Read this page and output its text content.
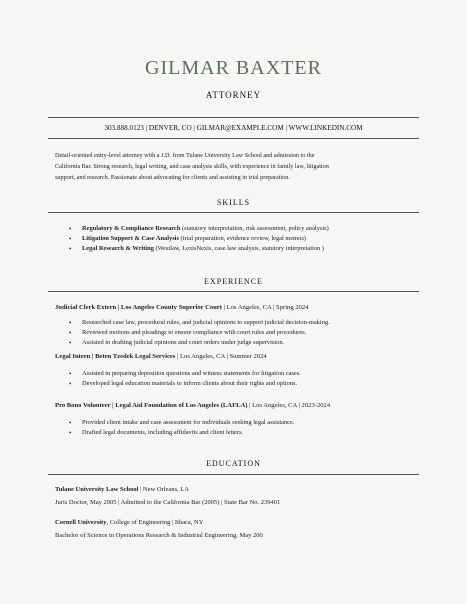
GILMAR BAXTER
ATTORNEY
303.888.0123 | DENVER, CO | GILMAR@EXAMPLE.COM | WWW.LINKEDIN.COM
Detail-oriented entry-level attorney with a J.D. from Tulane University Law School and admission to the
California Bar. Strong research, legal writing, and case analysis skills, with experience in family law, litigation
support, and research. Passionate about advocating for clients and assisting in trial preparation.
SKILLS
• Regulatory & Compliance Research (statutory interpretation, risk assessment, policy analysis)
• Litigation Support & Case Analysis (trial preparation, evidence review, legal memos)
• Legal Research & Writing (Westlaw, LexisNexis, case law analysis, statutory interpretation )
EXPERIENCE
Judicial Clerk Extern | Los Angeles County Superior Court | Los Angeles, CA | Spring 2024
• Researched case law, procedural rules, and judicial opinions to support judicial decision-making.
• Reviewed motions and pleadings to ensure compliance with court rules and procedures.
• Assisted in drafting judicial opinions and court orders under judge supervision.
Legal Intern | Beten Tzedek Legal Services | Los Angeles, CA | Summer 2024
• Assisted in preparing deposition questions and witness statements for litigation cases.
• Developed legal education materials to inform clients about their rights and options.
Pro Bono Volunteer | Legal Aid Foundation of Los Angeles (LAFLA) | Los Angeles, CA | 2023-2024
• Provided client intake and case assessment for individuals seeking legal assistance.
• Drafted legal documents, including affidavits and client letters.
EDUCATION
Tulane University Law School | New Orleans, LA
Juris Doctor, May 2005 | Admitted to the California Bar (2005) | State Bar No. 239401
Cornell University, College of Engineering | Ithaca, NY
Bachelor of Science in Operations Research & Industrial Engineering, May 200
